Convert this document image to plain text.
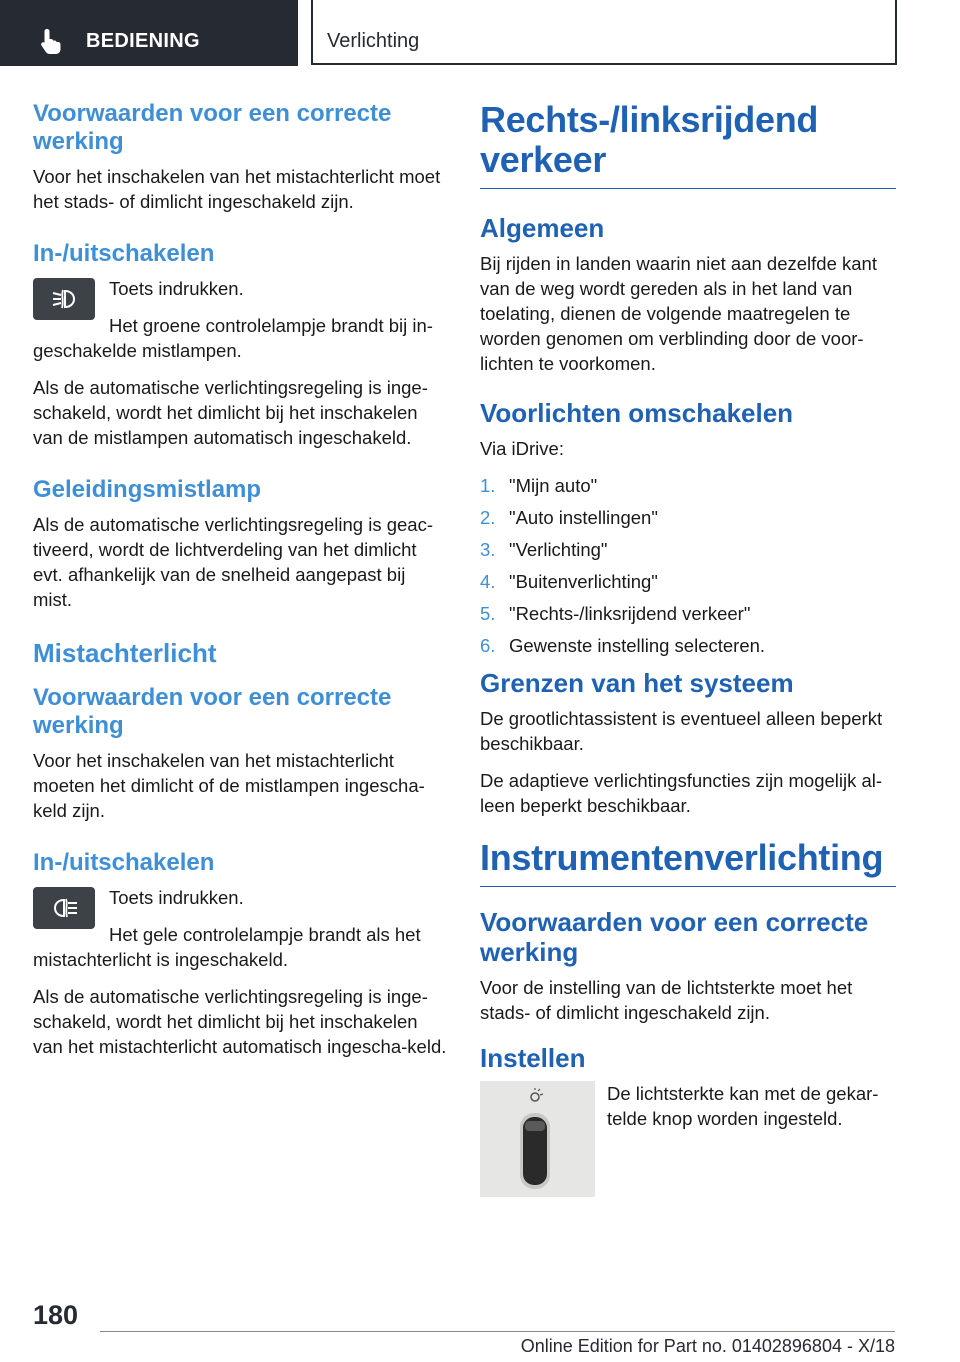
BEDIENING	Verlichting
Voorwaarden voor een correcte werking

Voor het inschakelen van het mistachterlicht moet het stads- of dimlicht ingeschakeld zijn.

In-/uitschakelen

Toets indrukken.

Het groene controlelampje brandt bij in-geschakelde mistlampen.

Als de automatische verlichtingsregeling is inge-schakeld, wordt het dimlicht bij het inschakelen van de mistlampen automatisch ingeschakeld.

Geleidingsmistlamp

Als de automatische verlichtingsregeling is geac-tiveerd, wordt de lichtverdeling van het dimlicht evt. afhankelijk van de snelheid aangepast bij mist.

Mistachterlicht
Voorwaarden voor een correcte werking

Voor het inschakelen van het mistachterlicht moeten het dimlicht of de mistlampen ingescha-keld zijn.

In-/uitschakelen

Toets indrukken.

Het gele controlelampje brandt als het mistachterlicht is ingeschakeld.

Als de automatische verlichtingsregeling is inge-schakeld, wordt het dimlicht bij het inschakelen van het mistachterlicht automatisch ingescha-keld.

Rechts-/linksrijdend verkeer
Algemeen

Bij rijden in landen waarin niet aan dezelfde kant van de weg wordt gereden als in het land van toelating, dienen de volgende maatregelen te worden genomen om verblinding door de voor-lichten te voorkomen.

Voorlichten omschakelen

Via iDrive:

1. "Mijn auto"
2. "Auto instellingen"
3. "Verlichting"
4. "Buitenverlichting"
5. "Rechts-/linksrijdend verkeer"
6. Gewenste instelling selecteren.
Grenzen van het systeem

De grootlichtassistent is eventueel alleen beperkt beschikbaar.

De adaptieve verlichtingsfuncties zijn mogelijk al-leen beperkt beschikbaar.

Instrumentenverlichting
Voorwaarden voor een correcte werking

Voor de instelling van de lichtsterkte moet het stads- of dimlicht ingeschakeld zijn.

Instellen

De lichtsterkte kan met de gekar-telde knop worden ingesteld.

180
Online Edition for Part no. 01402896804 - X/18
